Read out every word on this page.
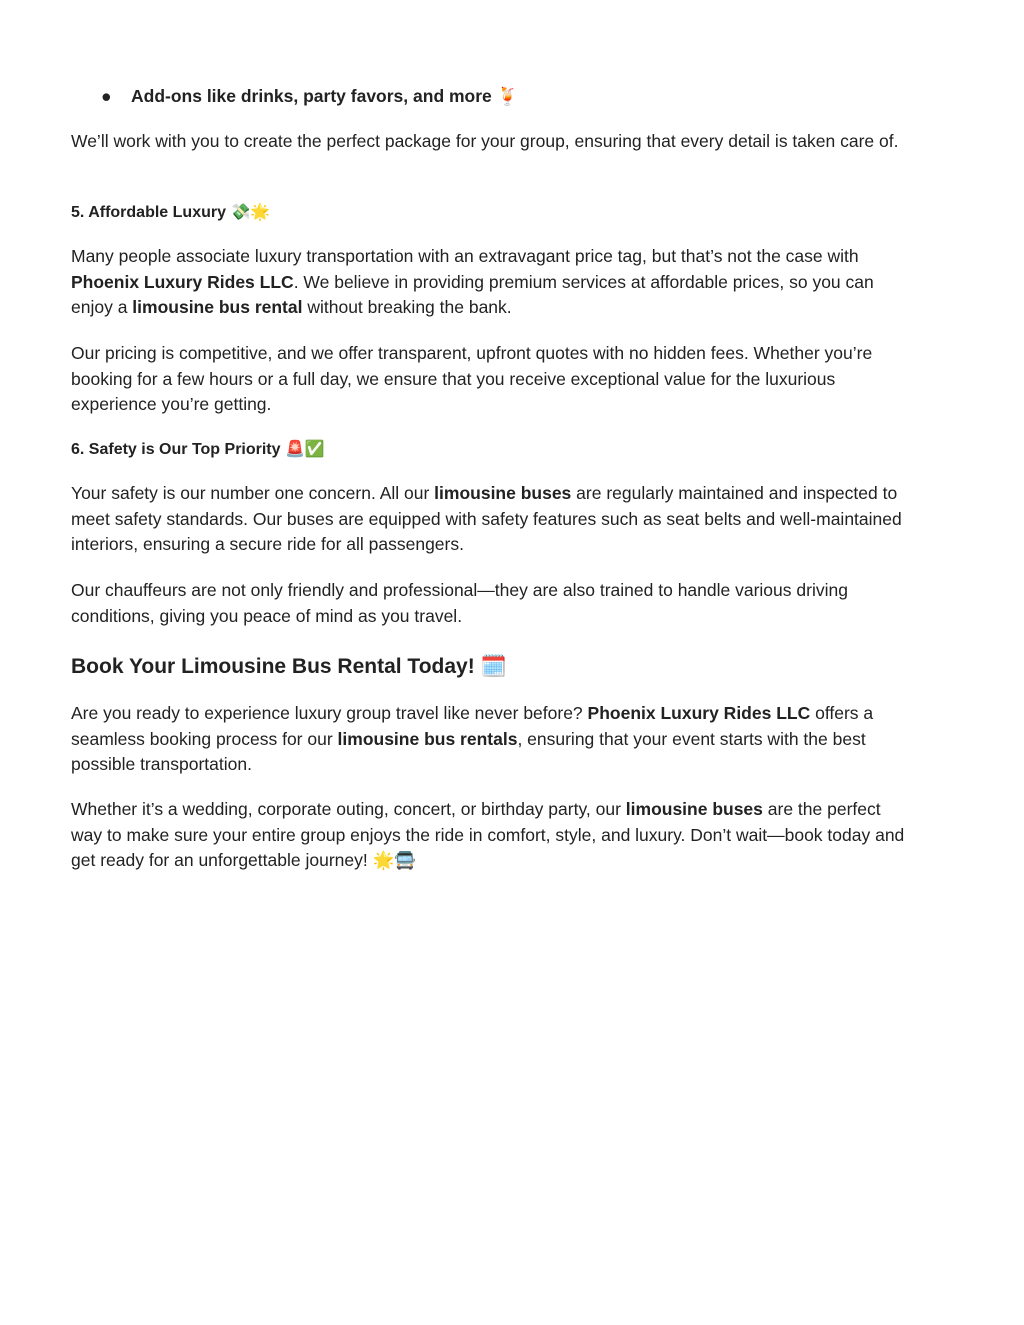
● Add-ons like drinks, party favors, and more 🍹

We’ll work with you to create the perfect package for your group, ensuring that every detail is taken care of.

5. Affordable Luxury 💸🌟

Many people associate luxury transportation with an extravagant price tag, but that’s not the case with Phoenix Luxury Rides LLC. We believe in providing premium services at affordable prices, so you can enjoy a limousine bus rental without breaking the bank.

Our pricing is competitive, and we offer transparent, upfront quotes with no hidden fees. Whether you’re booking for a few hours or a full day, we ensure that you receive exceptional value for the luxurious experience you’re getting.

6. Safety is Our Top Priority 🚨✅

Your safety is our number one concern. All our limousine buses are regularly maintained and inspected to meet safety standards. Our buses are equipped with safety features such as seat belts and well-maintained interiors, ensuring a secure ride for all passengers.

Our chauffeurs are not only friendly and professional—they are also trained to handle various driving conditions, giving you peace of mind as you travel.

Book Your Limousine Bus Rental Today! 🗓️

Are you ready to experience luxury group travel like never before? Phoenix Luxury Rides LLC offers a seamless booking process for our limousine bus rentals, ensuring that your event starts with the best possible transportation.

Whether it’s a wedding, corporate outing, concert, or birthday party, our limousine buses are the perfect way to make sure your entire group enjoys the ride in comfort, style, and luxury. Don’t wait—book today and get ready for an unforgettable journey! 🌟🚍
